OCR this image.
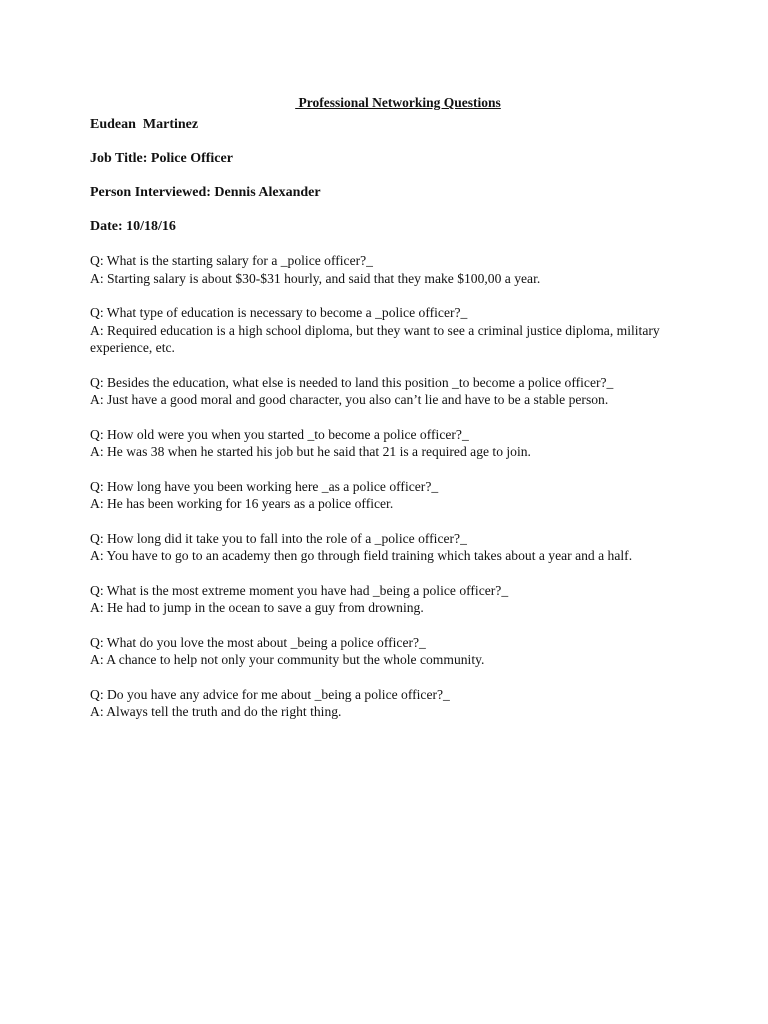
Professional Networking Questions
Eudean  Martinez
Job Title: Police Officer
Person Interviewed: Dennis Alexander
Date: 10/18/16

Q: What is the starting salary for a _police officer?_

A: Starting salary is about $30-$31 hourly, and said that they make $100,00 a year.

Q: What type of education is necessary to become a _police officer?_

A: Required education is a high school diploma, but they want to see a criminal justice diploma, military experience, etc.

Q: Besides the education, what else is needed to land this position _to become a police officer?_

A: Just have a good moral and good character, you also can’t lie and have to be a stable person.

Q: How old were you when you started _to become a police officer?_

A: He was 38 when he started his job but he said that 21 is a required age to join.

Q: How long have you been working here _as a police officer?_

A: He has been working for 16 years as a police officer.

Q: How long did it take you to fall into the role of a _police officer?_

A: You have to go to an academy then go through field training which takes about a year and a half.

Q: What is the most extreme moment you have had _being a police officer?_

A: He had to jump in the ocean to save a guy from drowning.

Q: What do you love the most about _being a police officer?_

A: A chance to help not only your community but the whole community.

Q: Do you have any advice for me about _being a police officer?_

A: Always tell the truth and do the right thing.
